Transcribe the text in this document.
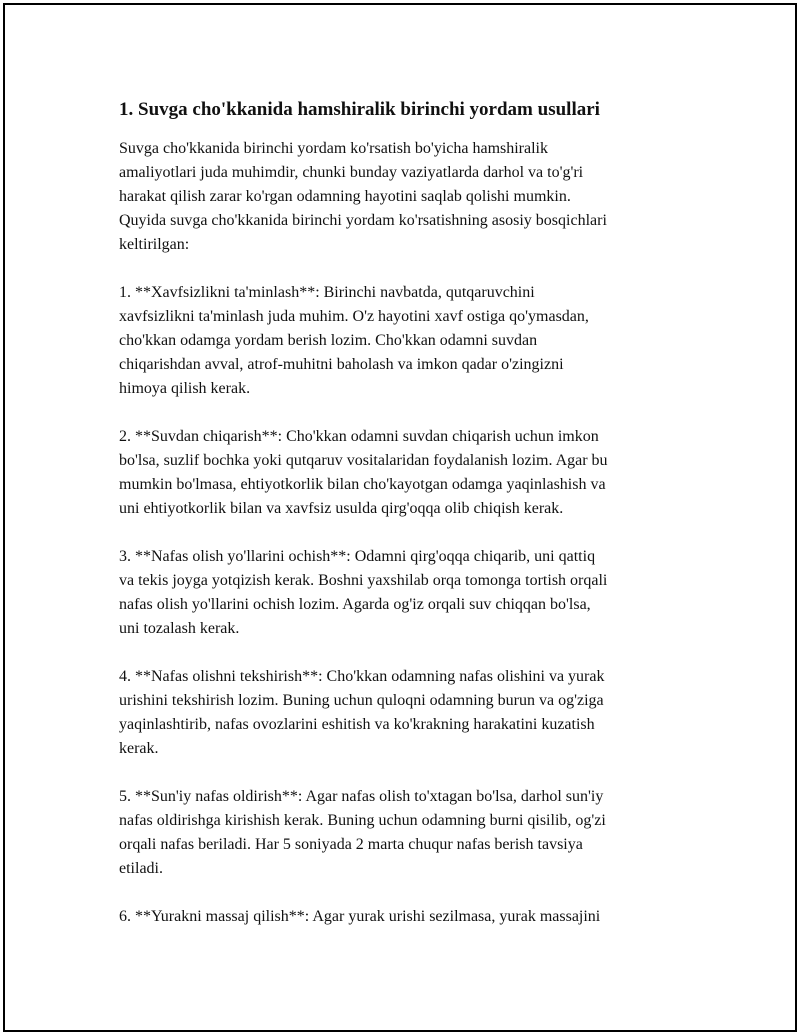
1. Suvga cho'kkanida hamshiralik birinchi yordam usullari

Suvga cho'kkanida birinchi yordam ko'rsatish bo'yicha hamshiralik
amaliyotlari juda muhimdir, chunki bunday vaziyatlarda darhol va to'g'ri
harakat qilish zarar ko'rgan odamning hayotini saqlab qolishi mumkin.
Quyida suvga cho'kkanida birinchi yordam ko'rsatishning asosiy bosqichlari
keltirilgan:

1. **Xavfsizlikni ta'minlash**: Birinchi navbatda, qutqaruvchini
xavfsizlikni ta'minlash juda muhim. O'z hayotini xavf ostiga qo'ymasdan,
cho'kkan odamga yordam berish lozim. Cho'kkan odamni suvdan
chiqarishdan avval, atrof-muhitni baholash va imkon qadar o'zingizni
himoya qilish kerak.

2. **Suvdan chiqarish**: Cho'kkan odamni suvdan chiqarish uchun imkon
bo'lsa, suzlif bochka yoki qutqaruv vositalaridan foydalanish lozim. Agar bu
mumkin bo'lmasa, ehtiyotkorlik bilan cho'kayotgan odamga yaqinlashish va
uni ehtiyotkorlik bilan va xavfsiz usulda qirg'oqqa olib chiqish kerak.

3. **Nafas olish yo'llarini ochish**: Odamni qirg'oqqa chiqarib, uni qattiq
va tekis joyga yotqizish kerak. Boshni yaxshilab orqa tomonga tortish orqali
nafas olish yo'llarini ochish lozim. Agarda og'iz orqali suv chiqqan bo'lsa,
uni tozalash kerak.

4. **Nafas olishni tekshirish**: Cho'kkan odamning nafas olishini va yurak
urishini tekshirish lozim. Buning uchun quloqni odamning burun va og'ziga
yaqinlashtirib, nafas ovozlarini eshitish va ko'krakning harakatini kuzatish
kerak.

5. **Sun'iy nafas oldirish**: Agar nafas olish to'xtagan bo'lsa, darhol sun'iy
nafas oldirishga kirishish kerak. Buning uchun odamning burni qisilib, og'zi
orqali nafas beriladi. Har 5 soniyada 2 marta chuqur nafas berish tavsiya
etiladi.

6. **Yurakni massaj qilish**: Agar yurak urishi sezilmasa, yurak massajini
